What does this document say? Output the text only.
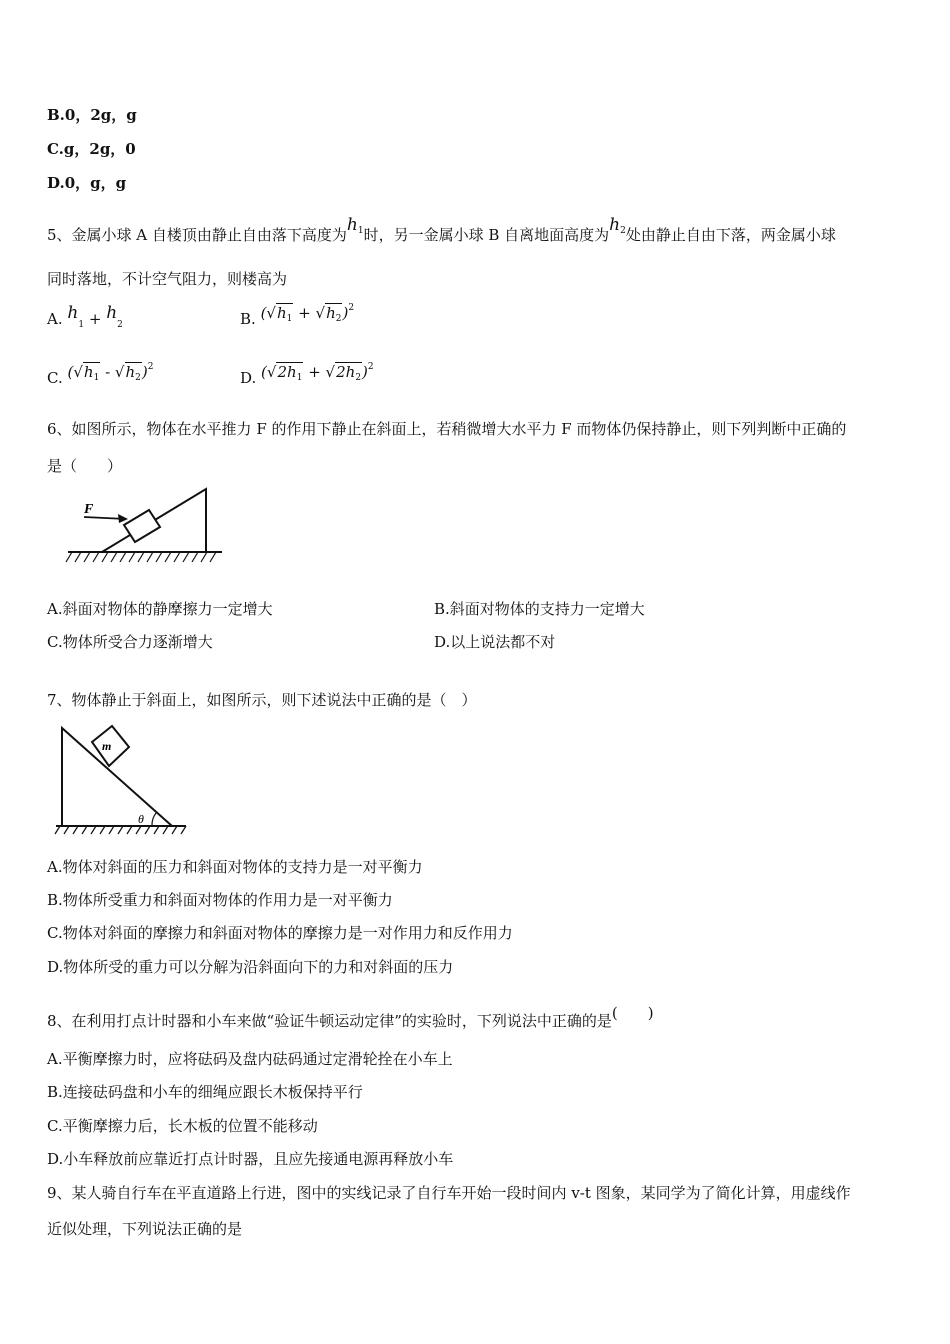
B.0，2g，g
C.g，2g，0
D.0，g，g
5、金属小球 A 自楼顶由静止自由落下高度为$h_1$时，另一金属小球 B 自离地面高度为$h_2$处由静止自由下落，两金属小球
同时落地，不计空气阻力，则楼高为
A. $h_1 + h_2$	B. $(√h_1 + √h_2)^2$
C. $(√h_1 - √h_2)^2$
D. $(√2h_1 + √2h_2)^2$
6、如图所示，物体在水平推力 F 的作用下静止在斜面上，若稍微增大水平力 F 而物体仍保持静止，则下列判断中正确的
是（　　）
F
A.斜面对物体的静摩擦力一定增大	B.斜面对物体的支持力一定增大
C.物体所受合力逐渐增大	D.以上说法都不对
7、物体静止于斜面上，如图所示，则下述说法中正确的是（　）
m
θ
A.物体对斜面的压力和斜面对物体的支持力是一对平衡力
B.物体所受重力和斜面对物体的作用力是一对平衡力
C.物体对斜面的摩擦力和斜面对物体的摩擦力是一对作用力和反作用力
D.物体所受的重力可以分解为沿斜面向下的力和对斜面的压力
8、在利用打点计时器和小车来做“验证牛顿运动定律”的实验时，下列说法中正确的是(　　)
A.平衡摩擦力时，应将砝码及盘内砝码通过定滑轮拴在小车上
B.连接砝码盘和小车的细绳应跟长木板保持平行
C.平衡摩擦力后，长木板的位置不能移动
D.小车释放前应靠近打点计时器，且应先接通电源再释放小车
9、某人骑自行车在平直道路上行进，图中的实线记录了自行车开始一段时间内 v-t 图象，某同学为了简化计算，用虚线作
近似处理，下列说法正确的是
